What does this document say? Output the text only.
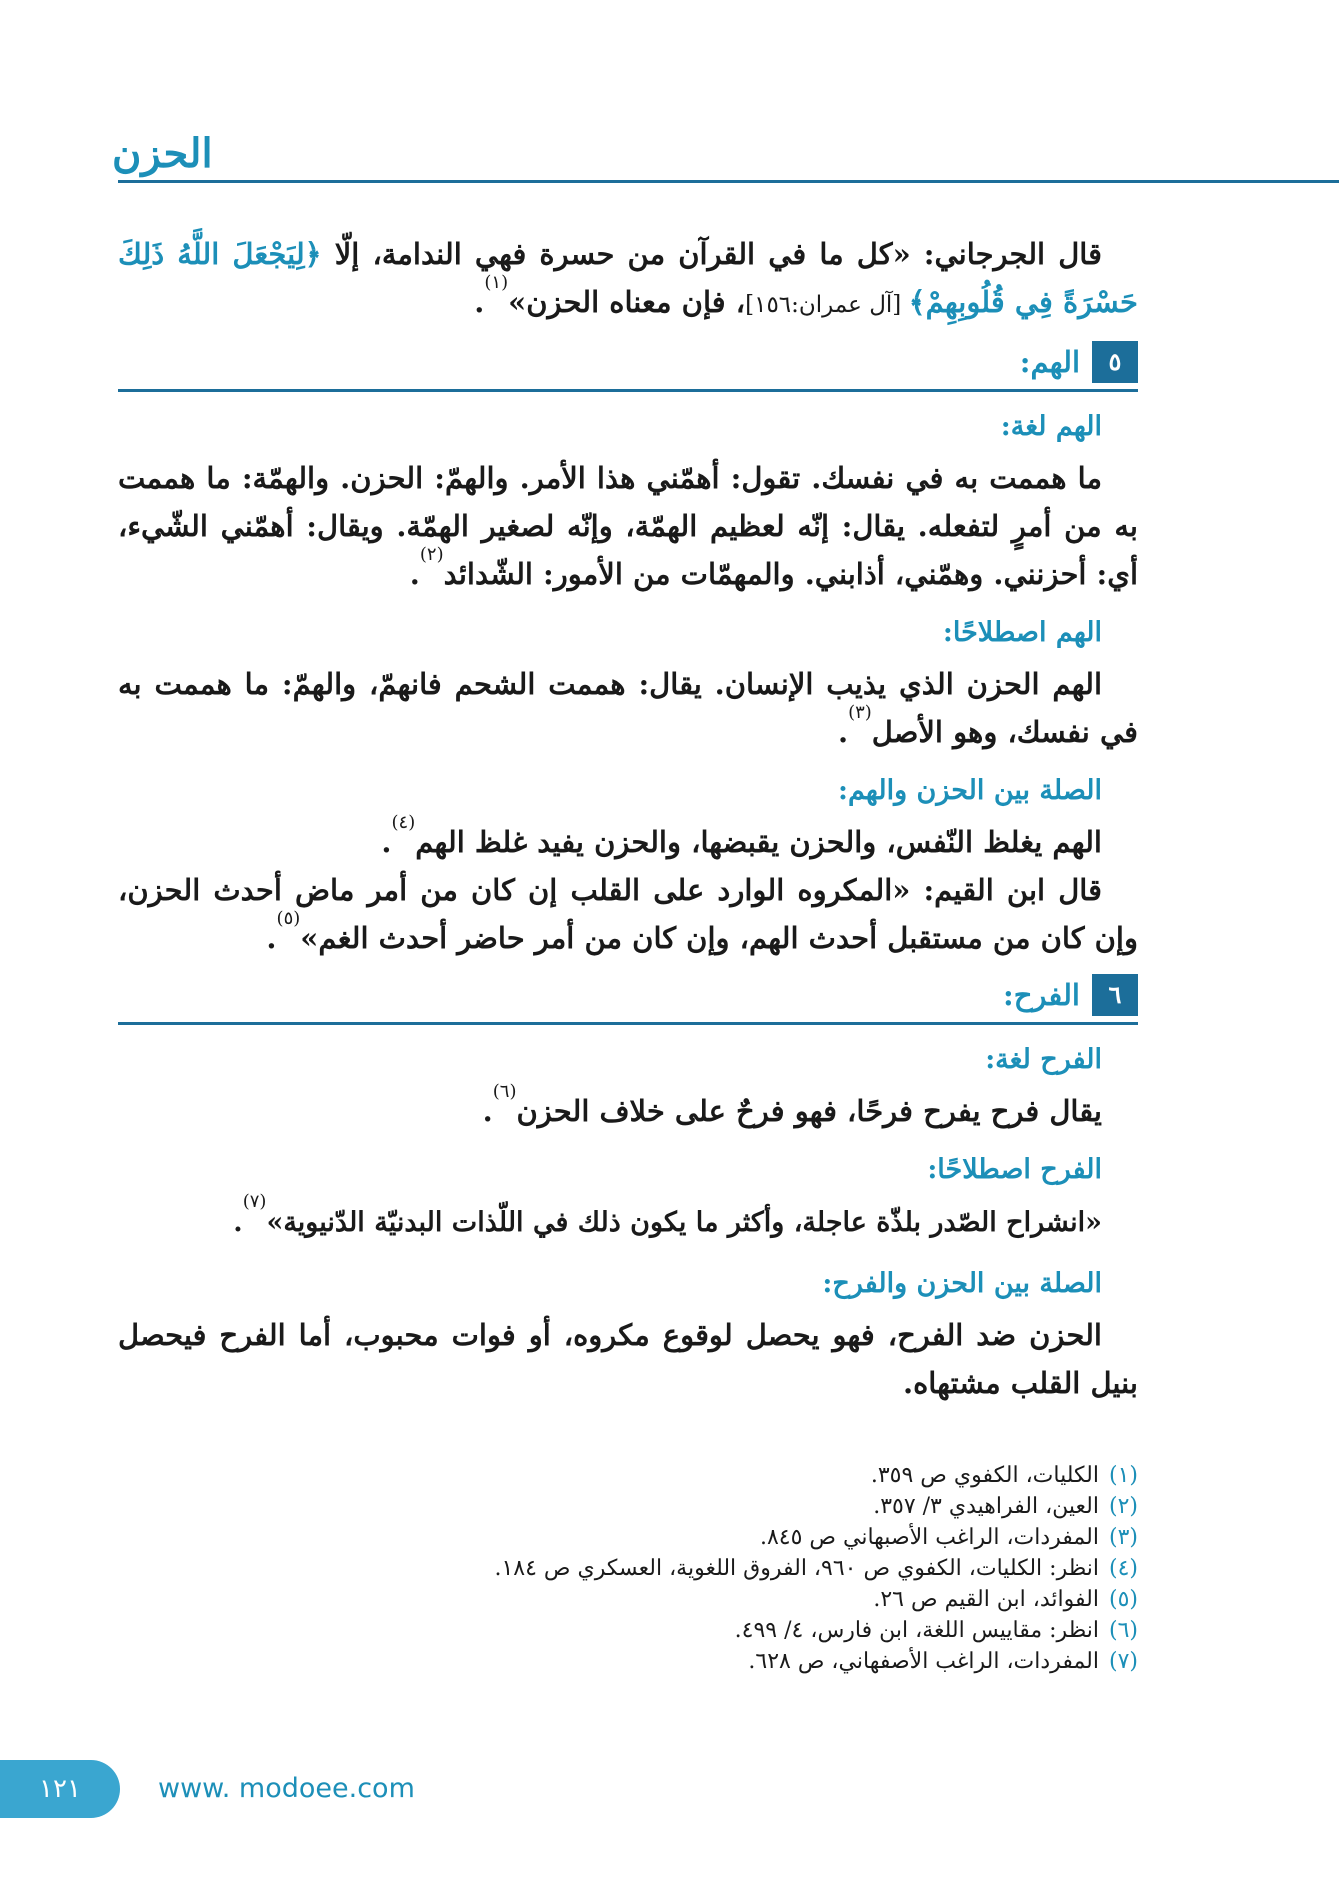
الحزن

قال الجرجاني: «كل ما في القرآن من حسرة فهي الندامة، إلّا ﴿لِيَجْعَلَ اللَّهُ ذَلِكَ حَسْرَةً فِي قُلُوبِهِمْ﴾ [آل عمران:١٥٦]، فإن معناه الحزن»$^{(١)}$.

٥
الهم:
الهم لغة:

ما هممت به في نفسك. تقول: أهمّني هذا الأمر. والهمّ: الحزن. والهمّة: ما هممت به من أمرٍ لتفعله. يقال: إنّه لعظيم الهمّة، وإنّه لصغير الهمّة. ويقال: أهمّني الشّيء، أي: أحزنني. وهمّني، أذابني. والمهمّات من الأمور: الشّدائد$^{(٢)}$.

الهم اصطلاحًا:

الهم الحزن الذي يذيب الإنسان. يقال: هممت الشحم فانهمّ، والهمّ: ما هممت به في نفسك، وهو الأصل$^{(٣)}$.

الصلة بين الحزن والهم:

الهم يغلظ النّفس، والحزن يقبضها، والحزن يفيد غلظ الهم$^{(٤)}$.

قال ابن القيم: «المكروه الوارد على القلب إن كان من أمر ماض أحدث الحزن، وإن كان من مستقبل أحدث الهم، وإن كان من أمر حاضر أحدث الغم»$^{(٥)}$.

٦
الفرح:
الفرح لغة:

يقال فرح يفرح فرحًا، فهو فرحٌ على خلاف الحزن$^{(٦)}$.

الفرح اصطلاحًا:

«انشراح الصّدر بلذّة عاجلة، وأكثر ما يكون ذلك في اللّذات البدنيّة الدّنيوية»$^{(٧)}$.

الصلة بين الحزن والفرح:

الحزن ضد الفرح، فهو يحصل لوقوع مكروه، أو فوات محبوب، أما الفرح فيحصل بنيل القلب مشتهاه.

(١)الكليات، الكفوي ص ٣٥٩.
(٢)العين، الفراهيدي ٣/ ٣٥٧.
(٣)المفردات، الراغب الأصبهاني ص ٨٤٥.
(٤)انظر: الكليات، الكفوي ص ٩٦٠، الفروق اللغوية، العسكري ص ١٨٤.
(٥)الفوائد، ابن القيم ص ٢٦.
(٦)انظر: مقاييس اللغة، ابن فارس، ٤/ ٤٩٩.
(٧)المفردات، الراغب الأصفهاني، ص ٦٢٨.
١٢١	www. modoee.com
